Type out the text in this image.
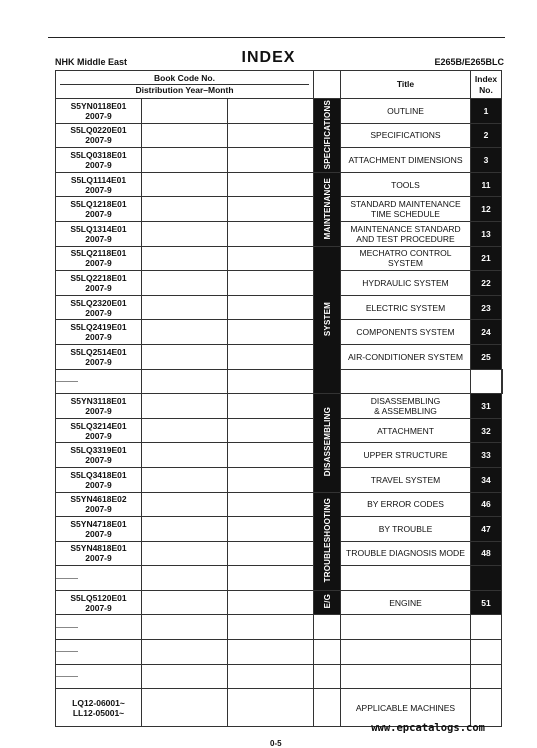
NHK Middle East	INDEX	E265B/E265BLC
Book Code No.
Distribution Year–Month				Title	Index
No.	

S5YN0118E01
2007-9			SPECIFICATIONS	OUTLINE	1	

S5LQ0220E01
2007-9				SPECIFICATIONS	2	

S5LQ0318E01
2007-9				ATTACHMENT DIMENSIONS	3	

S5LQ1114E01
2007-9			MAINTENANCE	TOOLS	11	

S5LQ1218E01
2007-9				STANDARD MAINTENANCE
TIME SCHEDULE	12	

S5LQ1314E01
2007-9				MAINTENANCE STANDARD
AND TEST PROCEDURE	13	

S5LQ2118E01
2007-9			SYSTEM	MECHATRO CONTROL
SYSTEM	21	

S5LQ2218E01
2007-9				HYDRAULIC SYSTEM	22	

S5LQ2320E01
2007-9				ELECTRIC SYSTEM	23	

S5LQ2419E01
2007-9				COMPONENTS SYSTEM	24	

S5LQ2514E01
2007-9				AIR-CONDITIONER SYSTEM	25	

S5YN3118E01
2007-9			DISASSEMBLING	DISASSEMBLING
& ASSEMBLING	31	

S5LQ3214E01
2007-9				ATTACHMENT	32	

S5LQ3319E01
2007-9				UPPER STRUCTURE	33	

S5LQ3418E01
2007-9				TRAVEL SYSTEM	34	

S5YN4618E02
2007-9			TROUBLESHOOTING	BY ERROR CODES	46	

S5YN4718E01
2007-9				BY TROUBLE	47	

S5YN4818E01
2007-9				TROUBLE DIAGNOSIS MODE	48	

S5LQ5120E01
2007-9			E/G	ENGINE	51	

LQ12-06001~
LL12-05001~				APPLICABLE MACHINES		
www.epcatalogs.com
0-5
